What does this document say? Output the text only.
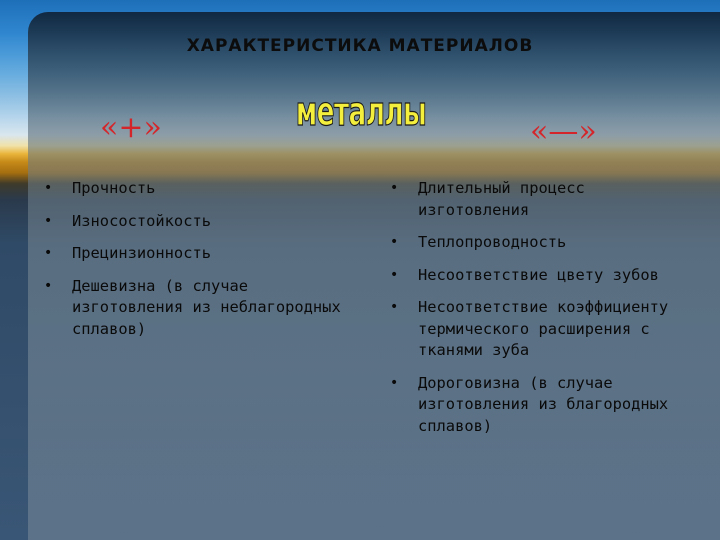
ХАРАКТЕРИСТИКА МАТЕРИАЛОВ
«+»	металлы	«—»
•	Прочность
•	Износостойкость
•	Прецинзионность
•	Дешевизна (в случае изготовления из неблагородных сплавов)
•	Длительный процесс изготовления
•	Теплопроводность
•	Несоответствие цвету зубов
•	Несоответствие коэффициенту термического расширения с тканями зуба
•	Дороговизна (в случае изготовления из благородных сплавов)
